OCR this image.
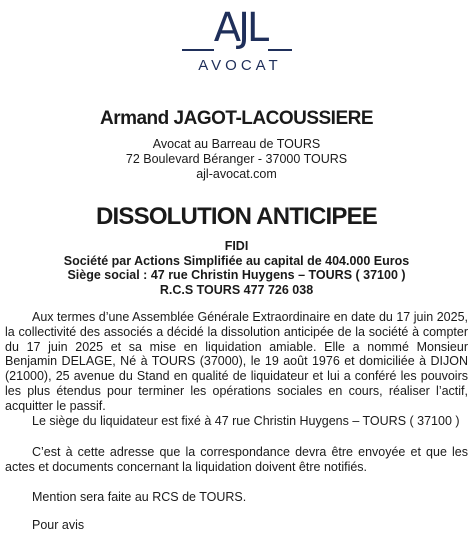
AJL
AVOCAT
Armand JAGOT-LACOUSSIERE
Avocat au Barreau de TOURS
72 Boulevard Béranger - 37000 TOURS
ajl-avocat.com
DISSOLUTION ANTICIPEE
FIDI
Société par Actions Simplifiée au capital de 404.000 Euros
Siège social : 47 rue Christin Huygens – TOURS ( 37100 )
R.C.S TOURS 477 726 038

Aux termes d’une Assemblée Générale Extraordinaire en date du 17 juin 2025, la collectivité des associés a décidé la dissolution anticipée de la société à compter du 17 juin 2025 et sa mise en liquidation amiable. Elle a nommé Monsieur Benjamin DELAGE, Né à TOURS (37000), le 19 août 1976 et domiciliée à DIJON (21000), 25 avenue du Stand en qualité de liquidateur et lui a conféré les pouvoirs les plus étendus pour terminer les opérations sociales en cours, réaliser l’actif, acquitter le passif.

Le siège du liquidateur est fixé à 47 rue Christin Huygens – TOURS ( 37100 )

C’est à cette adresse que la correspondance devra être envoyée et que les actes et documents concernant la liquidation doivent être notifiés.

Mention sera faite au RCS de TOURS.

Pour avis
